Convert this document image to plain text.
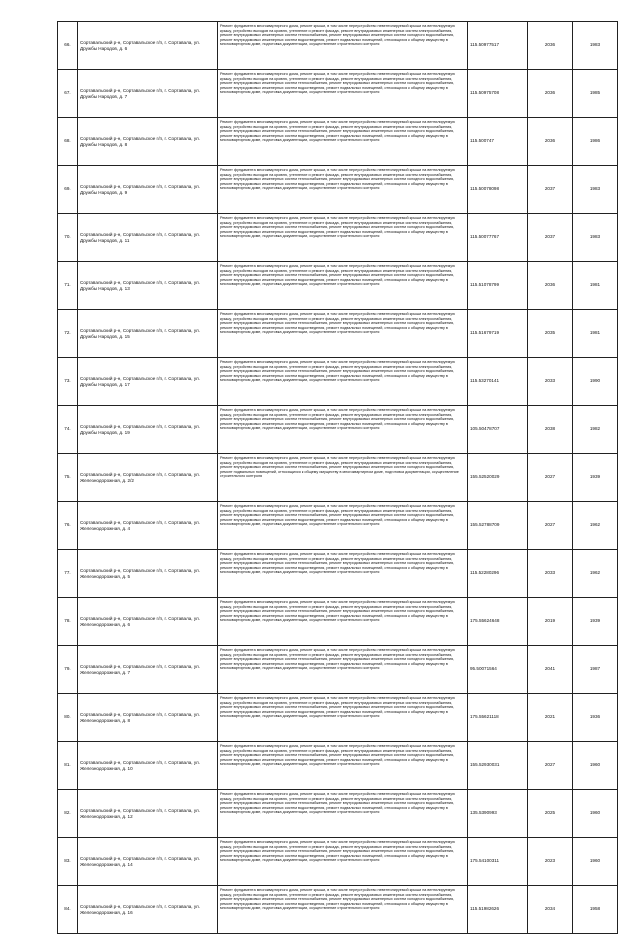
66.	Сортавальский р-н, Сортавальское г/п, г. Сортавала, ул. Дружбы Народов, д. 6	Ремонт фундамента многоквартирного дома, ремонт крыши, в том числе переустройство невентилируемой крыши на вентилируемую крышу, устройство выходов на кровлю, утепление и ремонт фасада, ремонт внутридомовых инженерных систем электроснабжения, ремонт внутридомовых инженерных систем теплоснабжения, ремонт внутридомовых инженерных систем холодного водоснабжения, ремонт внутридомовых инженерных систем водоотведения, ремонт подвальных помещений, относящихся к общему имуществу в многоквартирном доме, подготовка документации, осуществление строительного контроля	115.50977517	2036	1983
67.	Сортавальский р-н, Сортавальское г/п, г. Сортавала, ул. Дружбы Народов, д. 7	Ремонт фундамента многоквартирного дома, ремонт крыши, в том числе переустройство невентилируемой крыши на вентилируемую крышу, устройство выходов на кровлю, утепление и ремонт фасада, ремонт внутридомовых инженерных систем электроснабжения, ремонт внутридомовых инженерных систем теплоснабжения, ремонт внутридомовых инженерных систем холодного водоснабжения, ремонт внутридомовых инженерных систем водоотведения, ремонт подвальных помещений, относящихся к общему имуществу в многоквартирном доме, подготовка документации, осуществление строительного контроля	115.50975708	2036	1985
68.	Сортавальский р-н, Сортавальское г/п, г. Сортавала, ул. Дружбы Народов, д. 8	Ремонт фундамента многоквартирного дома, ремонт крыши, в том числе переустройство невентилируемой крыши на вентилируемую крышу, устройство выходов на кровлю, утепление и ремонт фасада, ремонт внутридомовых инженерных систем электроснабжения, ремонт внутридомовых инженерных систем теплоснабжения, ремонт внутридомовых инженерных систем холодного водоснабжения, ремонт внутридомовых инженерных систем водоотведения, ремонт подвальных помещений, относящихся к общему имуществу в многоквартирном доме, подготовка документации, осуществление строительного контроля	115.500747	2036	1986
69.	Сортавальский р-н, Сортавальское г/п, г. Сортавала, ул. Дружбы Народов, д. 9	Ремонт фундамента многоквартирного дома, ремонт крыши, в том числе переустройство невентилируемой крыши на вентилируемую крышу, устройство выходов на кровлю, утепление и ремонт фасада, ремонт внутридомовых инженерных систем электроснабжения, ремонт внутридомовых инженерных систем теплоснабжения, ремонт внутридомовых инженерных систем холодного водоснабжения, ремонт внутридомовых инженерных систем водоотведения, ремонт подвальных помещений, относящихся к общему имуществу в многоквартирном доме, подготовка документации, осуществление строительного контроля	115.50078098	2037	1983
70.	Сортавальский р-н, Сортавальское г/п, г. Сортавала, ул. Дружбы Народов, д. 11	Ремонт фундамента многоквартирного дома, ремонт крыши, в том числе переустройство невентилируемой крыши на вентилируемую крышу, устройство выходов на кровлю, утепление и ремонт фасада, ремонт внутридомовых инженерных систем электроснабжения, ремонт внутридомовых инженерных систем теплоснабжения, ремонт внутридомовых инженерных систем холодного водоснабжения, ремонт внутридомовых инженерных систем водоотведения, ремонт подвальных помещений, относящихся к общему имуществу в многоквартирном доме, подготовка документации, осуществление строительного контроля	115.50077767	2037	1983
71.	Сортавальский р-н, Сортавальское г/п, г. Сортавала, ул. Дружбы Народов, д. 13	Ремонт фундамента многоквартирного дома, ремонт крыши, в том числе переустройство невентилируемой крыши на вентилируемую крышу, устройство выходов на кровлю, утепление и ремонт фасада, ремонт внутридомовых инженерных систем электроснабжения, ремонт внутридомовых инженерных систем теплоснабжения, ремонт внутридомовых инженерных систем холодного водоснабжения, ремонт внутридомовых инженерных систем водоотведения, ремонт подвальных помещений, относящихся к общему имуществу в многоквартирном доме, подготовка документации, осуществление строительного контроля	115.51078799	2036	1981
72.	Сортавальский р-н, Сортавальское г/п, г. Сортавала, ул. Дружбы Народов, д. 15	Ремонт фундамента многоквартирного дома, ремонт крыши, в том числе переустройство невентилируемой крыши на вентилируемую крышу, устройство выходов на кровлю, утепление и ремонт фасада, ремонт внутридомовых инженерных систем электроснабжения, ремонт внутридомовых инженерных систем теплоснабжения, ремонт внутридомовых инженерных систем холодного водоснабжения, ремонт внутридомовых инженерных систем водоотведения, ремонт подвальных помещений, относящихся к общему имуществу в многоквартирном доме, подготовка документации, осуществление строительного контроля	115.51679719	2035	1981
73.	Сортавальский р-н, Сортавальское г/п, г. Сортавала, ул. Дружбы Народов, д. 17	Ремонт фундамента многоквартирного дома, ремонт крыши, в том числе переустройство невентилируемой крыши на вентилируемую крышу, устройство выходов на кровлю, утепление и ремонт фасада, ремонт внутридомовых инженерных систем электроснабжения, ремонт внутридомовых инженерных систем теплоснабжения, ремонт внутридомовых инженерных систем холодного водоснабжения, ремонт внутридомовых инженерных систем водоотведения, ремонт подвальных помещений, относящихся к общему имуществу в многоквартирном доме, подготовка документации, осуществление строительного контроля	115.53270141	2033	1990
74.	Сортавальский р-н, Сортавальское г/п, г. Сортавала, ул. Дружбы Народов, д. 19	Ремонт фундамента многоквартирного дома, ремонт крыши, в том числе переустройство невентилируемой крыши на вентилируемую крышу, устройство выходов на кровлю, утепление и ремонт фасада, ремонт внутридомовых инженерных систем электроснабжения, ремонт внутридомовых инженерных систем теплоснабжения, ремонт внутридомовых инженерных систем холодного водоснабжения, ремонт внутридомовых инженерных систем водоотведения, ремонт подвальных помещений, относящихся к общему имуществу в многоквартирном доме, подготовка документации, осуществление строительного контроля	105.50478707	2038	1982
75.	Сортавальский р-н, Сортавальское г/п, г. Сортавала, ул. Железнодорожная, д. 2/2	Ремонт фундамента многоквартирного дома, ремонт крыши, в том числе переустройство невентилируемой крыши на вентилируемую крышу, устройство выходов на кровлю, утепление и ремонт фасада, ремонт внутридомовых инженерных систем электроснабжения, ремонт внутридомовых инженерных систем теплоснабжения, ремонт внутридомовых инженерных систем холодного водоснабжения, ремонт подвальных помещений, относящихся к общему имуществу в многоквартирном доме, подготовка документации, осуществление строительного контроля	155.52520029	2027	1939
76.	Сортавальский р-н, Сортавальское г/п, г. Сортавала, ул. Железнодорожная, д. 4	Ремонт фундамента многоквартирного дома, ремонт крыши, в том числе переустройство невентилируемой крыши на вентилируемую крышу, устройство выходов на кровлю, утепление и ремонт фасада, ремонт внутридомовых инженерных систем электроснабжения, ремонт внутридомовых инженерных систем теплоснабжения, ремонт внутридомовых инженерных систем холодного водоснабжения, ремонт внутридомовых инженерных систем водоотведения, ремонт подвальных помещений, относящихся к общему имуществу в многоквартирном доме, подготовка документации, осуществление строительного контроля	155.52788709	2027	1962
77.	Сортавальский р-н, Сортавальское г/п, г. Сортавала, ул. Железнодорожная, д. 5	Ремонт фундамента многоквартирного дома, ремонт крыши, в том числе переустройство невентилируемой крыши на вентилируемую крышу, устройство выходов на кровлю, утепление и ремонт фасада, ремонт внутридомовых инженерных систем электроснабжения, ремонт внутридомовых инженерных систем теплоснабжения, ремонт внутридомовых инженерных систем холодного водоснабжения, ремонт внутридомовых инженерных систем водоотведения, ремонт подвальных помещений, относящихся к общему имуществу в многоквартирном доме, подготовка документации, осуществление строительного контроля	115.52280296	2033	1962
78.	Сортавальский р-н, Сортавальское г/п, г. Сортавала, ул. Железнодорожная, д. 6	Ремонт фундамента многоквартирного дома, ремонт крыши, в том числе переустройство невентилируемой крыши на вентилируемую крышу, устройство выходов на кровлю, утепление и ремонт фасада, ремонт внутридомовых инженерных систем электроснабжения, ремонт внутридомовых инженерных систем теплоснабжения, ремонт внутридомовых инженерных систем холодного водоснабжения, ремонт внутридомовых инженерных систем водоотведения, ремонт подвальных помещений, относящихся к общему имуществу в многоквартирном доме, подготовка документации, осуществление строительного контроля	175.55624648	2019	1939
79.	Сортавальский р-н, Сортавальское г/п, г. Сортавала, ул. Железнодорожная, д. 7	Ремонт фундамента многоквартирного дома, ремонт крыши, в том числе переустройство невентилируемой крыши на вентилируемую крышу, устройство выходов на кровлю, утепление и ремонт фасада, ремонт внутридомовых инженерных систем электроснабжения, ремонт внутридомовых инженерных систем теплоснабжения, ремонт внутридомовых инженерных систем холодного водоснабжения, ремонт внутридомовых инженерных систем водоотведения, ремонт подвальных помещений, относящихся к общему имуществу в многоквартирном доме, подготовка документации, осуществление строительного контроля	95.50071564	2041	1987
80.	Сортавальский р-н, Сортавальское г/п, г. Сортавала, ул. Железнодорожная, д. 8	Ремонт фундамента многоквартирного дома, ремонт крыши, в том числе переустройство невентилируемой крыши на вентилируемую крышу, устройство выходов на кровлю, утепление и ремонт фасада, ремонт внутридомовых инженерных систем электроснабжения, ремонт внутридомовых инженерных систем теплоснабжения, ремонт внутридомовых инженерных систем холодного водоснабжения, ремонт внутридомовых инженерных систем водоотведения, ремонт подвальных помещений, относящихся к общему имуществу в многоквартирном доме, подготовка документации, осуществление строительного контроля	175.55621118	2021	1936
81.	Сортавальский р-н, Сортавальское г/п, г. Сортавала, ул. Железнодорожная, д. 10	Ремонт фундамента многоквартирного дома, ремонт крыши, в том числе переустройство невентилируемой крыши на вентилируемую крышу, устройство выходов на кровлю, утепление и ремонт фасада, ремонт внутридомовых инженерных систем электроснабжения, ремонт внутридомовых инженерных систем теплоснабжения, ремонт внутридомовых инженерных систем холодного водоснабжения, ремонт внутридомовых инженерных систем водоотведения, ремонт подвальных помещений, относящихся к общему имуществу в многоквартирном доме, подготовка документации, осуществление строительного контроля	155.52930031	2027	1960
82.	Сортавальский р-н, Сортавальское г/п, г. Сортавала, ул. Железнодорожная, д. 12	Ремонт фундамента многоквартирного дома, ремонт крыши, в том числе переустройство невентилируемой крыши на вентилируемую крышу, устройство выходов на кровлю, утепление и ремонт фасада, ремонт внутридомовых инженерных систем электроснабжения, ремонт внутридомовых инженерных систем теплоснабжения, ремонт внутридомовых инженерных систем холодного водоснабжения, ремонт внутридомовых инженерных систем водоотведения, ремонт подвальных помещений, относящихся к общему имуществу в многоквартирном доме, подготовка документации, осуществление строительного контроля	135.5390993	2025	1960
83.	Сортавальский р-н, Сортавальское г/п, г. Сортавала, ул. Железнодорожная, д. 14	Ремонт фундамента многоквартирного дома, ремонт крыши, в том числе переустройство невентилируемой крыши на вентилируемую крышу, устройство выходов на кровлю, утепление и ремонт фасада, ремонт внутридомовых инженерных систем электроснабжения, ремонт внутридомовых инженерных систем теплоснабжения, ремонт внутридомовых инженерных систем холодного водоснабжения, ремонт внутридомовых инженерных систем водоотведения, ремонт подвальных помещений, относящихся к общему имуществу в многоквартирном доме, подготовка документации, осуществление строительного контроля	175.54100311	2023	1960
84.	Сортавальский р-н, Сортавальское г/п, г. Сортавала, ул. Железнодорожная, д. 16	Ремонт фундамента многоквартирного дома, ремонт крыши, в том числе переустройство невентилируемой крыши на вентилируемую крышу, устройство выходов на кровлю, утепление и ремонт фасада, ремонт внутридомовых инженерных систем электроснабжения, ремонт внутридомовых инженерных систем теплоснабжения, ремонт внутридомовых инженерных систем холодного водоснабжения, ремонт внутридомовых инженерных систем водоотведения, ремонт подвальных помещений, относящихся к общему имуществу в многоквартирном доме, подготовка документации, осуществление строительного контроля	115.51982626	2034	1958
